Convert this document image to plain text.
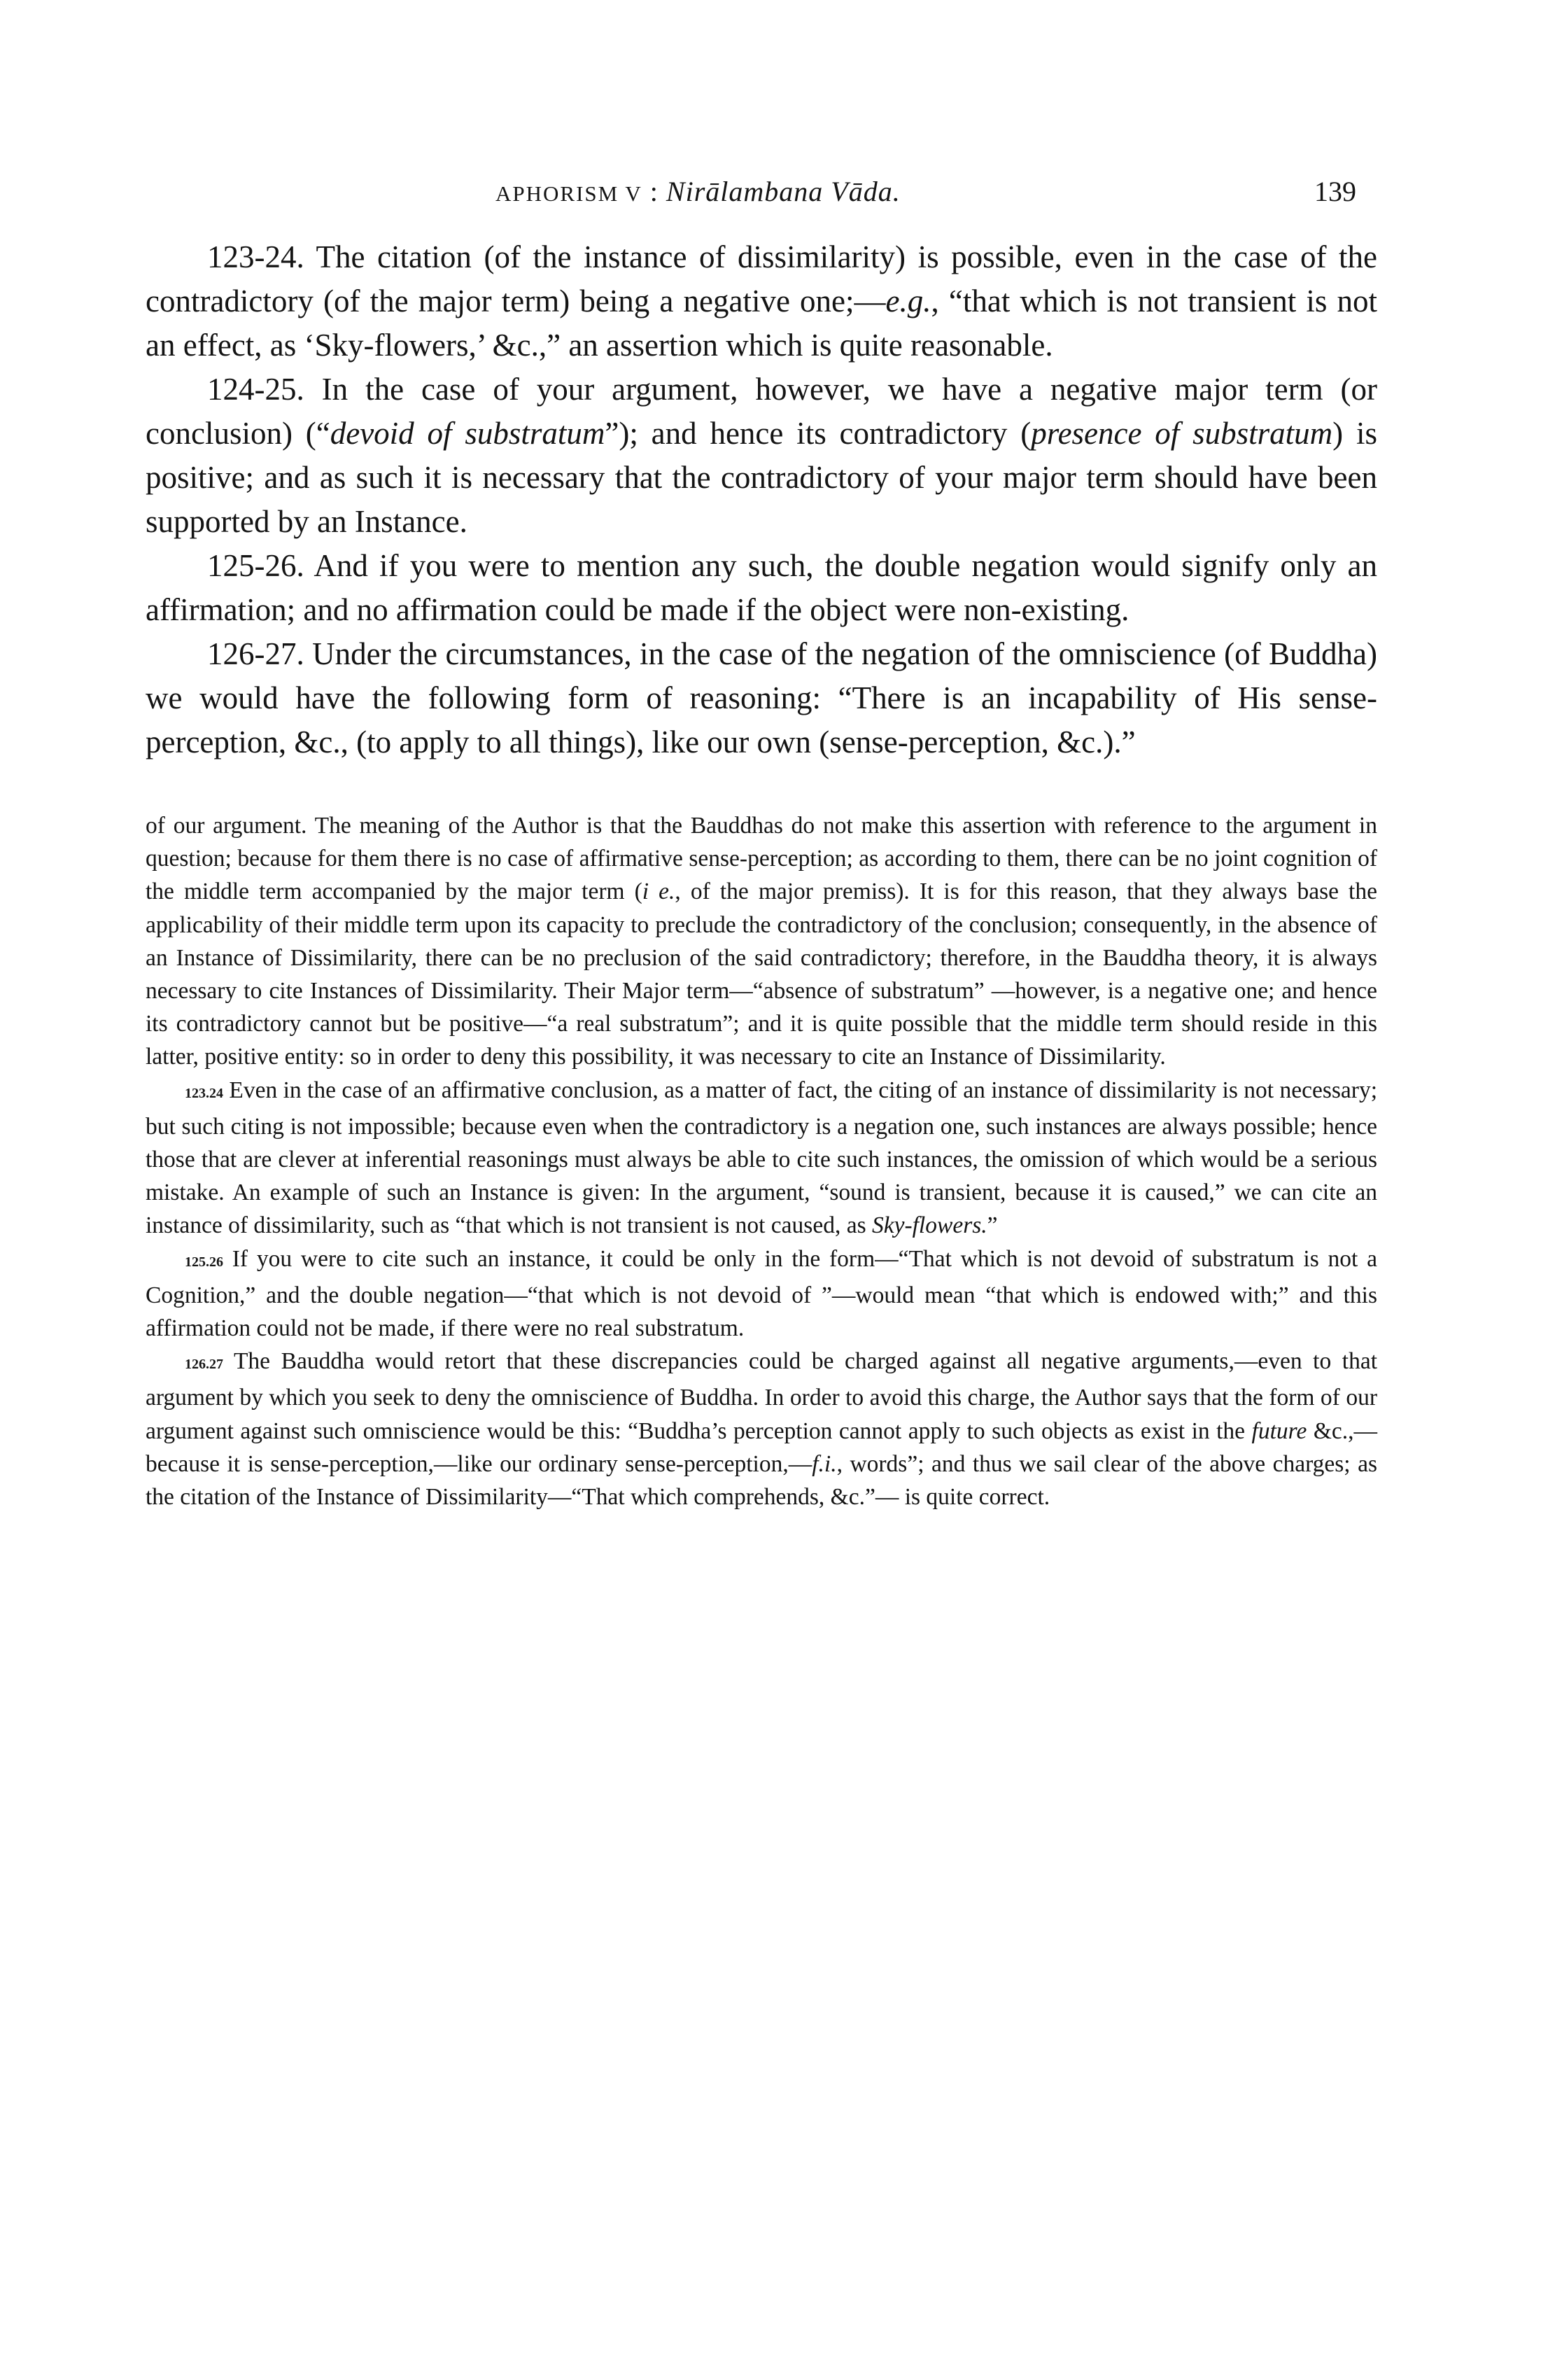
APHORISM V : Nirālambana Vāda.	139

123-24. The citation (of the instance of dissimilarity) is possible, even in the case of the contradictory (of the major term) being a negative one;—e.g., “that which is not transient is not an effect, as ‘Sky-flowers,’ &c.,” an assertion which is quite reasonable.

124-25. In the case of your argument, however, we have a negative major term (or conclusion) (“devoid of substratum”); and hence its contradictory (presence of substratum) is positive; and as such it is necessary that the contradictory of your major term should have been supported by an Instance.

125-26. And if you were to mention any such, the double negation would signify only an affirmation; and no affirmation could be made if the object were non-existing.

126-27. Under the circumstances, in the case of the negation of the omniscience (of Buddha) we would have the following form of reasoning: “There is an incapability of His sense-perception, &c., (to apply to all things), like our own (sense-perception, &c.).”

of our argument. The meaning of the Author is that the Bauddhas do not make this assertion with reference to the argument in question; because for them there is no case of affirmative sense-perception; as according to them, there can be no joint cognition of the middle term accompanied by the major term (i e., of the major premiss). It is for this reason, that they always base the applicability of their middle term upon its capacity to preclude the contradictory of the conclusion; consequently, in the absence of an Instance of Dissimilarity, there can be no preclusion of the said contradictory; therefore, in the Bauddha theory, it is always necessary to cite Instances of Dissimilarity. Their Major term—“absence of substratum” —however, is a negative one; and hence its contradictory cannot but be positive—“a real substratum”; and it is quite possible that the middle term should reside in this latter, positive entity: so in order to deny this possibility, it was necessary to cite an Instance of Dissimilarity.

123.24 Even in the case of an affirmative conclusion, as a matter of fact, the citing of an instance of dissimilarity is not necessary; but such citing is not impossible; because even when the contradictory is a negation one, such instances are always possible; hence those that are clever at inferential reasonings must always be able to cite such instances, the omission of which would be a serious mistake. An example of such an Instance is given: In the argument, “sound is transient, because it is caused,” we can cite an instance of dissimilarity, such as “that which is not transient is not caused, as Sky-flowers.”

125.26 If you were to cite such an instance, it could be only in the form—“That which is not devoid of substratum is not a Cognition,” and the double negation—“that which is not devoid of ”—would mean “that which is endowed with;” and this affirmation could not be made, if there were no real substratum.

126.27 The Bauddha would retort that these discrepancies could be charged against all negative arguments,—even to that argument by which you seek to deny the omniscience of Buddha. In order to avoid this charge, the Author says that the form of our argument against such omniscience would be this: “Buddha’s perception cannot apply to such objects as exist in the future &c.,—because it is sense-perception,—like our ordinary sense-perception,—f.i., words”; and thus we sail clear of the above charges; as the citation of the Instance of Dissimilarity—“That which comprehends, &c.”— is quite correct.
